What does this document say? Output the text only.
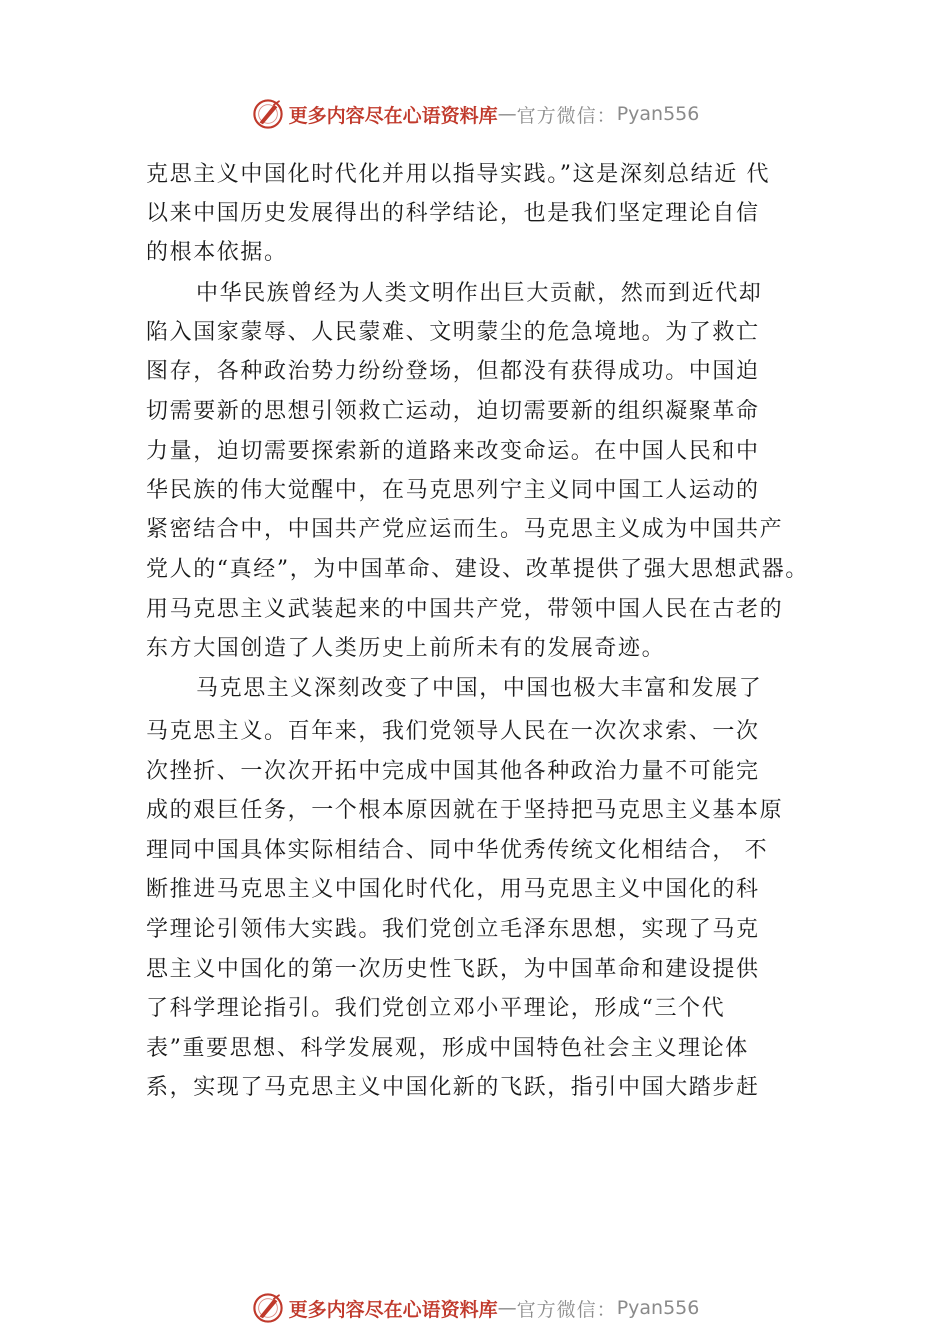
更多内容尽在心语资料库 — 官方微信： Pyan556
克思主义中国化时代化并用以指导实践。”这是深刻总结近 代
以来中国历史发展得出的科学结论，也是我们坚定理论自信
的根本依据。
中华民族曾经为人类文明作出巨大贡献，然而到近代却
陷入国家蒙辱、人民蒙难、文明蒙尘的危急境地。为了救亡
图存，各种政治势力纷纷登场，但都没有获得成功。中国迫
切需要新的思想引领救亡运动，迫切需要新的组织凝聚革命
力量，迫切需要探索新的道路来改变命运。在中国人民和中
华民族的伟大觉醒中，在马克思列宁主义同中国工人运动的
紧密结合中，中国共产党应运而生。马克思主义成为中国共产
党人的“真经”，为中国革命、建设、改革提供了强大思想武器。
用马克思主义武装起来的中国共产党，带领中国人民在古老的
东方大国创造了人类历史上前所未有的发展奇迹。
马克思主义深刻改变了中国，中国也极大丰富和发展了
马克思主义。百年来，我们党领导人民在一次次求索、一次
次挫折、一次次开拓中完成中国其他各种政治力量不可能完
成的艰巨任务，一个根本原因就在于坚持把马克思主义基本原
理同中国具体实际相结合、同中华优秀传统文化相结合， 不
断推进马克思主义中国化时代化，用马克思主义中国化的科
学理论引领伟大实践。我们党创立毛泽东思想，实现了马克
思主义中国化的第一次历史性飞跃，为中国革命和建设提供
了科学理论指引。我们党创立邓小平理论，形成“三个代
表”重要思想、科学发展观，形成中国特色社会主义理论体
系，实现了马克思主义中国化新的飞跃，指引中国大踏步赶
更多内容尽在心语资料库 — 官方微信： Pyan556
